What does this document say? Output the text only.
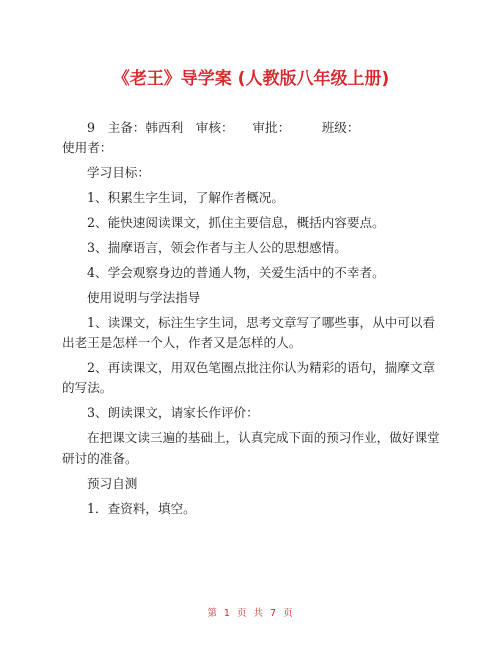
《老王》导学案 (人教版八年级上册)

9　主备：韩西利　审核：　　审批：　　　班级：

使用者：

学习目标：

1、积累生字生词，了解作者概况。

2、能快速阅读课文，抓住主要信息，概括内容要点。

3、揣摩语言，领会作者与主人公的思想感情。

4、学会观察身边的普通人物，关爱生活中的不幸者。

使用说明与学法指导

1、读课文，标注生字生词，思考文章写了哪些事，从中可以看出老王是怎样一个人，作者又是怎样的人。

2、再读课文，用双色笔圈点批注你认为精彩的语句，揣摩文章的写法。

3、朗读课文，请家长作评价：

在把课文读三遍的基础上，认真完成下面的预习作业，做好课堂研讨的准备。

预习自测

1．查资料，填空。

第 1 页 共 7 页
